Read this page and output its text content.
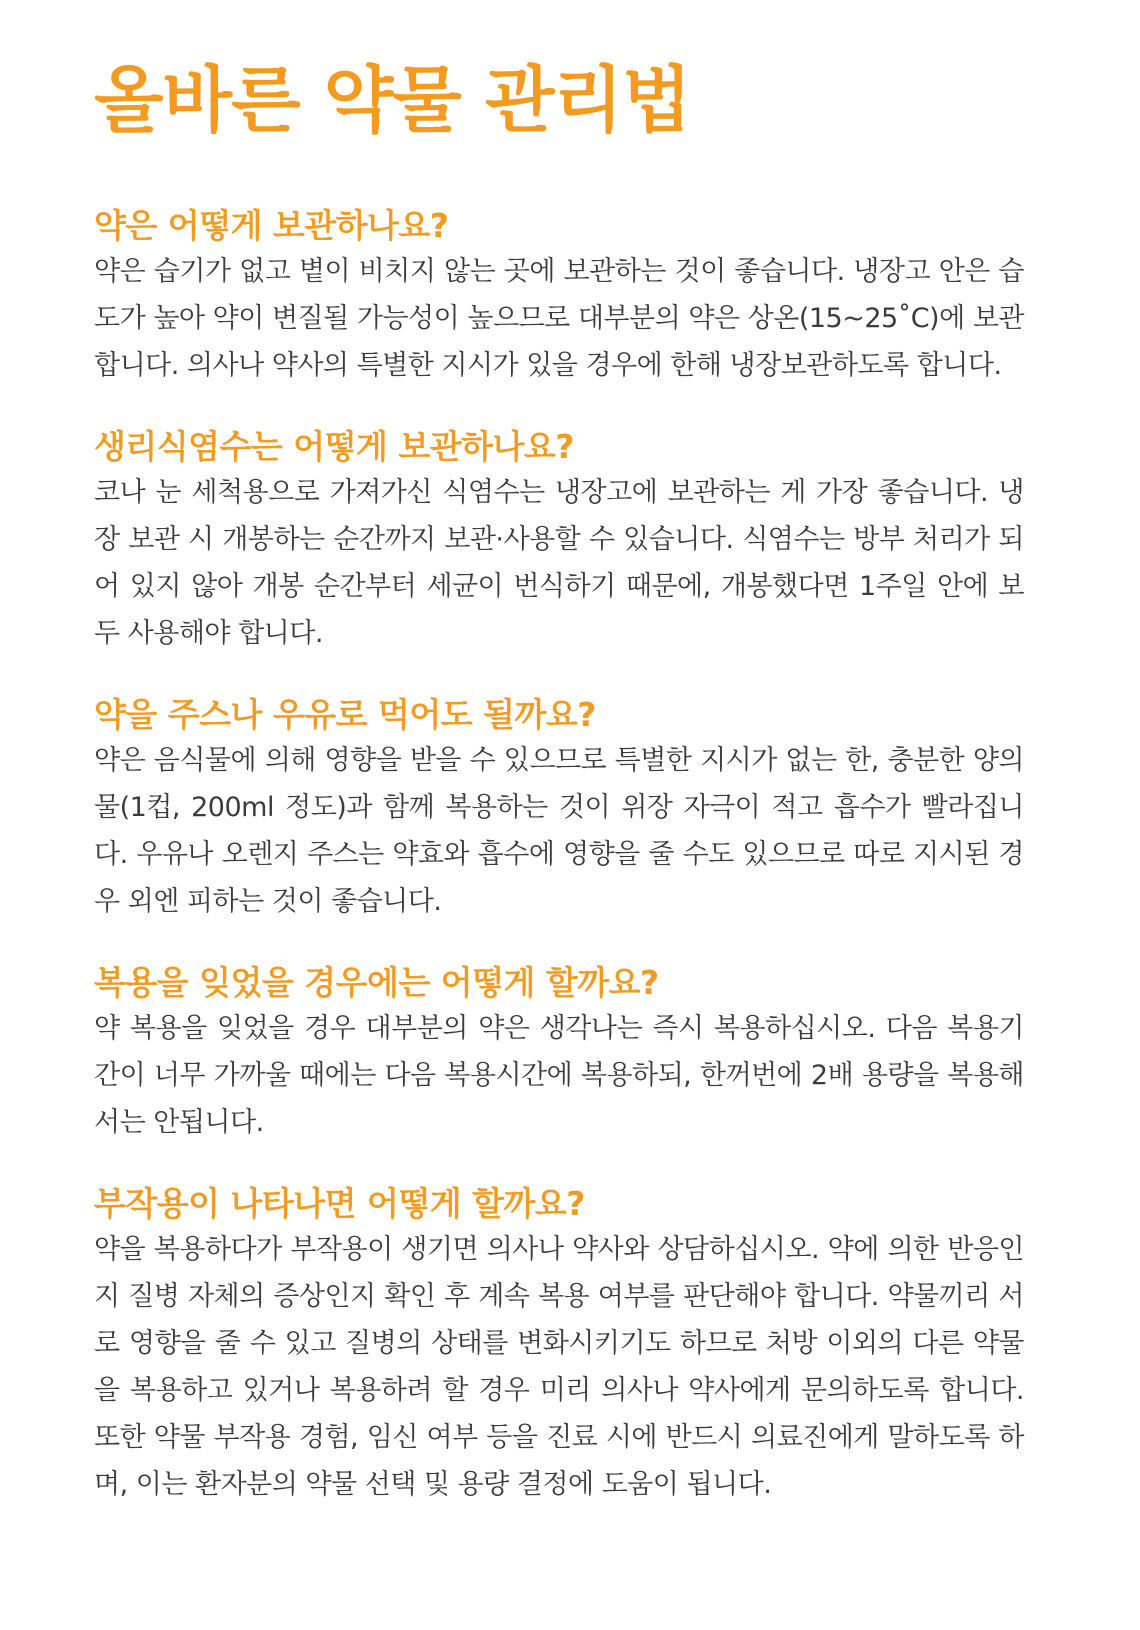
올바른 약물 관리법
약은 어떻게 보관하나요?

약은 습기가 없고 볕이 비치지 않는 곳에 보관하는 것이 좋습니다. 냉장고 안은 습도가 높아 약이 변질될 가능성이 높으므로 대부분의 약은 상온(15~25˚C)에 보관합니다. 의사나 약사의 특별한 지시가 있을 경우에 한해 냉장보관하도록 합니다.

생리식염수는 어떻게 보관하나요?

코나 눈 세척용으로 가져가신 식염수는 냉장고에 보관하는 게 가장 좋습니다. 냉장 보관 시 개봉하는 순간까지 보관·사용할 수 있습니다. 식염수는 방부 처리가 되어 있지 않아 개봉 순간부터 세균이 번식하기 때문에, 개봉했다면 1주일 안에 보두 사용해야 합니다.

약을 주스나 우유로 먹어도 될까요?

약은 음식물에 의해 영향을 받을 수 있으므로 특별한 지시가 없는 한, 충분한 양의 물(1컵, 200ml 정도)과 함께 복용하는 것이 위장 자극이 적고 흡수가 빨라집니다. 우유나 오렌지 주스는 약효와 흡수에 영향을 줄 수도 있으므로 따로 지시된 경우 외엔 피하는 것이 좋습니다.

복용을 잊었을 경우에는 어떻게 할까요?

약 복용을 잊었을 경우 대부분의 약은 생각나는 즉시 복용하십시오. 다음 복용기간이 너무 가까울 때에는 다음 복용시간에 복용하되, 한꺼번에 2배 용량을 복용해서는 안됩니다.

부작용이 나타나면 어떻게 할까요?

약을 복용하다가 부작용이 생기면 의사나 약사와 상담하십시오. 약에 의한 반응인지 질병 자체의 증상인지 확인 후 계속 복용 여부를 판단해야 합니다. 약물끼리 서로 영향을 줄 수 있고 질병의 상태를 변화시키기도 하므로 처방 이외의 다른 약물을 복용하고 있거나 복용하려 할 경우 미리 의사나 약사에게 문의하도록 합니다. 또한 약물 부작용 경험, 임신 여부 등을 진료 시에 반드시 의료진에게 말하도록 하며, 이는 환자분의 약물 선택 및 용량 결정에 도움이 됩니다.
